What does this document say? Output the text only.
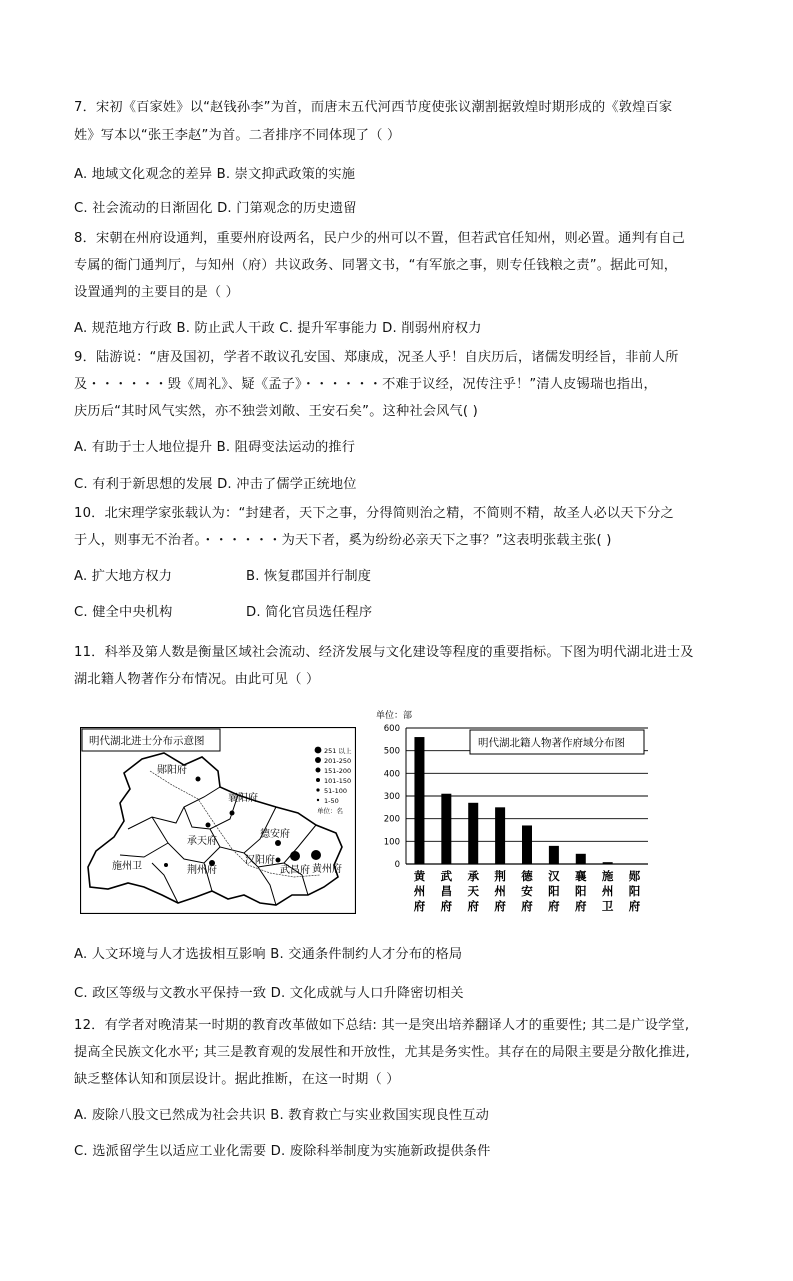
7．宋初《百家姓》以“赵钱孙李”为首，而唐末五代河西节度使张议潮割据敦煌时期形成的《敦煌百家
姓》写本以“张王李赵”为首。二者排序不同体现了（ ）
A. 地域文化观念的差异 B. 崇文抑武政策的实施
C. 社会流动的日渐固化 D. 门第观念的历史遗留
8．宋朝在州府设通判，重要州府设两名，民户少的州可以不置，但若武官任知州，则必置。通判有自己
专属的衙门通判厅，与知州（府）共议政务、同署文书，“有军旅之事，则专任钱粮之责”。据此可知，
设置通判的主要目的是（ ）
A. 规范地方行政 B. 防止武人干政 C. 提升军事能力 D. 削弱州府权力
9．陆游说：“唐及国初，学者不敢议孔安国、郑康成，况圣人乎！自庆历后，诸儒发明经旨，非前人所
及・・・・・・毁《周礼》、疑《孟子》・・・・・・不难于议经，况传注乎！”清人皮锡瑞也指出，
庆历后“其时风气实然，亦不独尝刘敞、王安石矣”。这种社会风气( )
A. 有助于士人地位提升 B. 阻碍变法运动的推行
C. 有利于新思想的发展 D. 冲击了儒学正统地位
10．北宋理学家张载认为：“封建者，天下之事，分得简则治之精，不简则不精，故圣人必以天下分之
于人，则事无不治者。・・・・・・为天下者，奚为纷纷必亲天下之事？”这表明张载主张( )
A. 扩大地方权力	B. 恢复郡国并行制度
C. 健全中央机构	D. 简化官员选任程序
11．科举及第人数是衡量区域社会流动、经济发展与文化建设等程度的重要指标。下图为明代湖北进士及
湖北籍人物著作分布情况。由此可见（ ）
明代湖北进士分布示意图
郧阳府
襄阳府
德安府
承天府
汉阳府
武昌府 黄州府
施州卫	荆州府
251 以上
201-250
151-200
101-150
51-100
1-50
单位：名
单位：部
0
100
200
300
400
500
600
黄州府
武昌府
承天府
荆州府
德安府
汉阳府
襄阳府
施州卫
郧阳府
明代湖北籍人物著作府域分布图
A. 人文环境与人才选拔相互影响 B. 交通条件制约人才分布的格局
C. 政区等级与文教水平保持一致 D. 文化成就与人口升降密切相关
12．有学者对晚清某一时期的教育改革做如下总结: 其一是突出培养翻译人才的重要性; 其二是广设学堂,
提高全民族文化水平; 其三是教育观的发展性和开放性，尤其是务实性。其存在的局限主要是分散化推进,
缺乏整体认知和顶层设计。据此推断，在这一时期（ ）
A. 废除八股文已然成为社会共识 B. 教育救亡与实业救国实现良性互动
C. 选派留学生以适应工业化需要 D. 废除科举制度为实施新政提供条件
